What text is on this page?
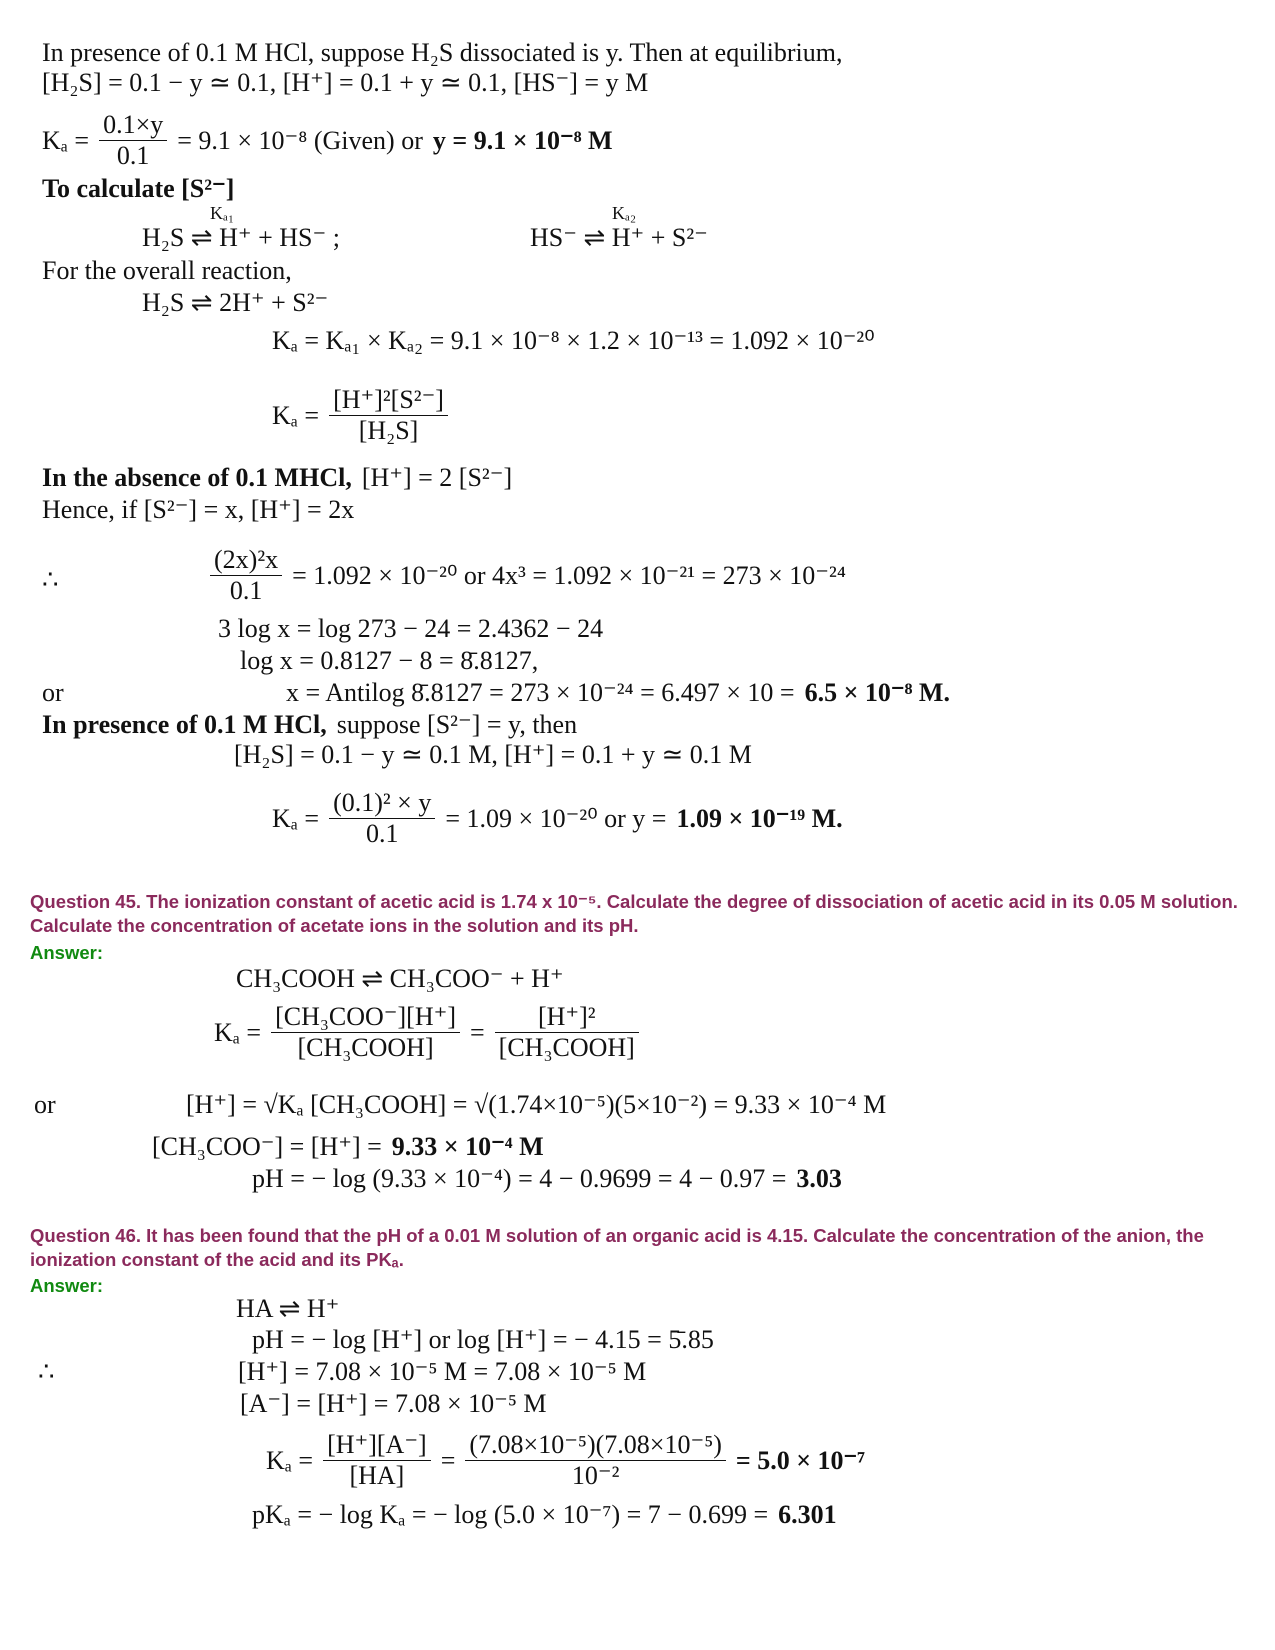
In presence of 0.1 M HCl, suppose H₂S dissociated is y. Then at equilibrium,
[H₂S] = 0.1 − y ≃ 0.1, [H⁺] = 0.1 + y ≃ 0.1, [HS⁻] = y M
$K_a = \frac{0.1\times y}{0.1} = 9.1 \times 10^{-8}$ (Given) or y = 9.1 × 10⁻⁸ M
To calculate [S²⁻]
Kₐ₁
H₂S ⇌ H⁺ + HS⁻ ;
Kₐ₂
HS⁻ ⇌ H⁺ + S²⁻
For the overall reaction,
H₂S ⇌ 2H⁺ + S²⁻
Kₐ = Kₐ₁ × Kₐ₂ = 9.1 × 10⁻⁸ × 1.2 × 10⁻¹³ = 1.092 × 10⁻²⁰
$K_a = \frac{\text{[H⁺]²[S²⁻]}}{\text{[H₂S]}}$
In the absence of 0.1 MHCl, [H⁺] = 2 [S²⁻]
Hence, if [S²⁻] = x, [H⁺] = 2x
∴	$\frac{\text{(2x)²x}}{0.1} = 1.092 \times 10^{-20}$ or 4x³ = 1.092 × 10⁻²¹ = 273 × 10⁻²⁴
3 log x = log 273 − 24 = 2.4362 − 24
log x = 0.8127 − 8 = 8̄.8127,
or	x = Antilog 8̄.8127 = 273 × 10⁻²⁴ = 6.497 × 10 = 6.5 × 10⁻⁸ M.
In presence of 0.1 M HCl, suppose [S²⁻] = y, then
[H₂S] = 0.1 − y ≃ 0.1 M, [H⁺] = 0.1 + y ≃ 0.1 M
$K_a = \frac{\text{(0.1)² × y}}{0.1} = 1.09 \times 10^{-20}$ or y = 1.09 × 10⁻¹⁹ M.
Question 45. The ionization constant of acetic acid is 1.74 x 10⁻⁵. Calculate the degree of dissociation of acetic acid in its 0.05 M solution. Calculate the concentration of acetate ions in the solution and its pH.
Answer:
CH₃COOH ⇌ CH₃COO⁻ + H⁺
$K_a = \frac{\text{[CH₃COO⁻][H⁺]}}{\text{[CH₃COOH]}} = \frac{\text{[H⁺]²}}{\text{[CH₃COOH]}}$
or	[H⁺] = √Kₐ [CH₃COOH] = √(1.74×10⁻⁵)(5×10⁻²) = 9.33 × 10⁻⁴ M
[CH₃COO⁻] = [H⁺] = 9.33 × 10⁻⁴ M
pH = − log (9.33 × 10⁻⁴) = 4 − 0.9699 = 4 − 0.97 = 3.03
Question 46. It has been found that the pH of a 0.01 M solution of an organic acid is 4.15. Calculate the concentration of the anion, the ionization constant of the acid and its PKₐ.
Answer:
HA ⇌ H⁺
pH = − log [H⁺] or log [H⁺] = − 4.15 = 5̄.85
∴	[H⁺] = 7.08 × 10⁻⁵ M = 7.08 × 10⁻⁵ M
[A⁻] = [H⁺] = 7.08 × 10⁻⁵ M
$K_a = \frac{[H^+][A^-]}{[HA]} = \frac{\text{(7.08×10⁻⁵)(7.08×10⁻⁵)}}{\text{10⁻²}} = 5.0 \times 10^{-7}$
pKₐ = − log Kₐ = − log (5.0 × 10⁻⁷) = 7 − 0.699 = 6.301
